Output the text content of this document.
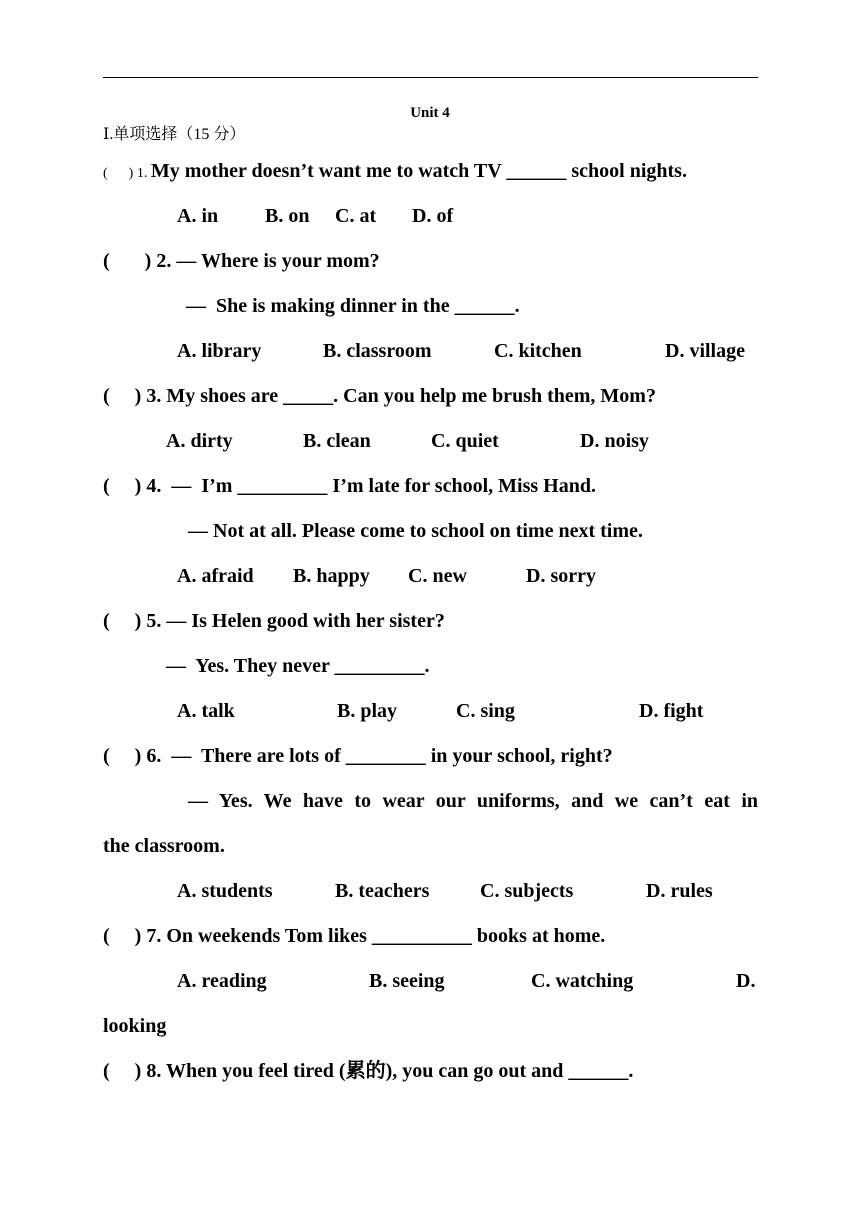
Unit 4
Ⅰ.单项选择（15 分）
(      ) 1. My mother doesn’t want me to watch TV ______ school nights.
A. in B. on C. at D. of
(       ) 2. — Where is your mom?
—  She is making dinner in the ______.
A. library	B. classroom	C. kitchen	D. village
(     ) 3. My shoes are _____. Can you help me brush them, Mom?
A. dirty	B. clean	C. quiet	D. noisy
(     ) 4.  —  I’m _________ I’m late for school, Miss Hand.
— Not at all. Please come to school on time next time.
A. afraid B. happy C. new	D. sorry
(     ) 5. — Is Helen good with her sister?
—  Yes. They never _________.
A. talk	B. play	C. sing	D. fight
(     ) 6.  —  There are lots of ________ in your school, right?
— Yes. We have to wear our uniforms, and we can’t eat in
the classroom.
A. students	B. teachers	C. subjects	D. rules
(     ) 7. On weekends Tom likes __________ books at home.
A. reading	B. seeing	C. watching	D.
looking
(     ) 8. When you feel tired (累的), you can go out and ______.
